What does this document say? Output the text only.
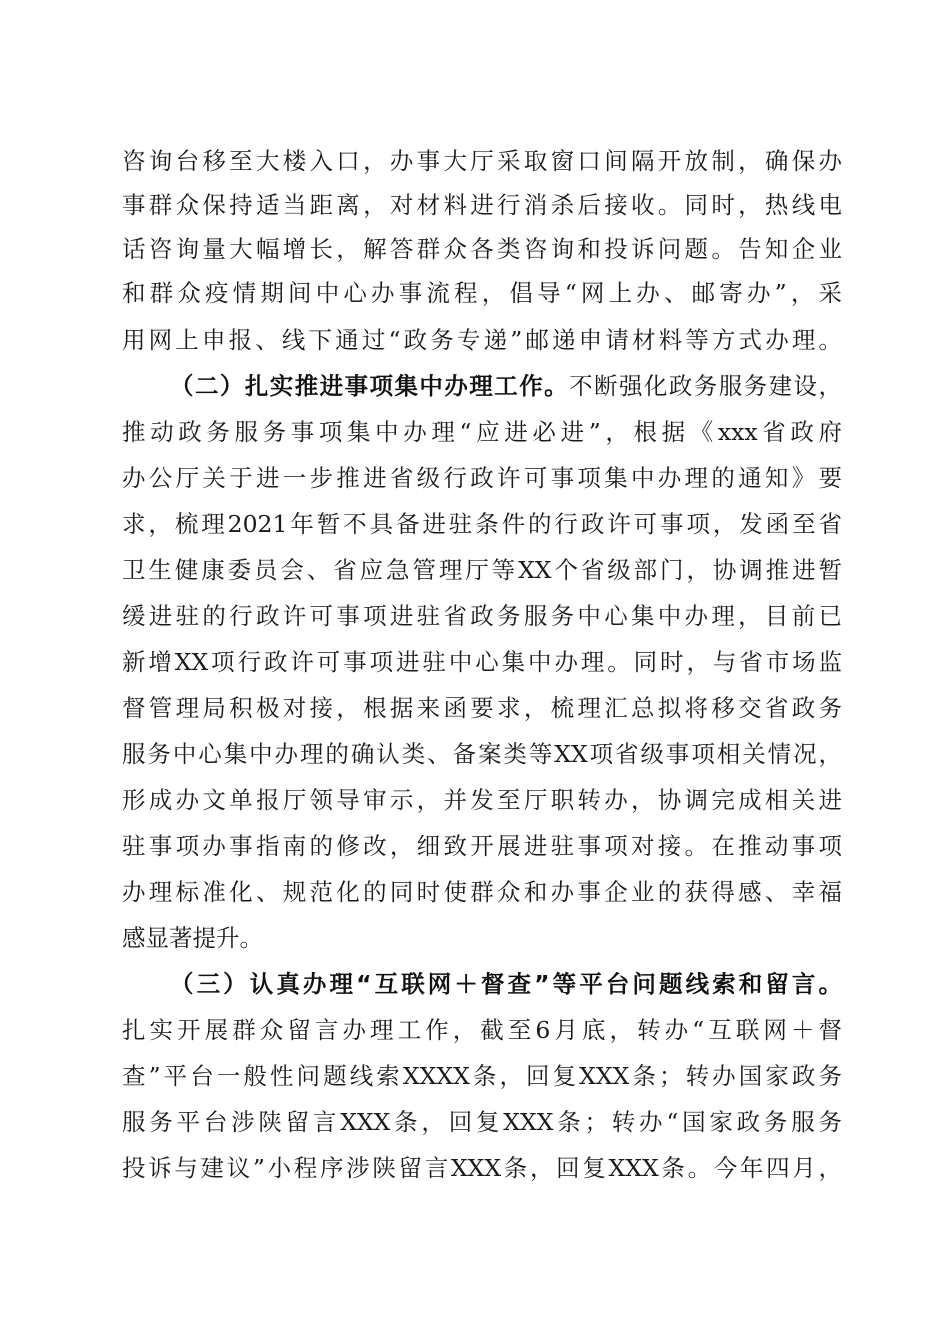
咨询台移至大楼入口，办事大厅采取窗口间隔开放制，确保办
事群众保持适当距离，对材料进行消杀后接收。同时，热线电
话咨询量大幅增长，解答群众各类咨询和投诉问题。告知企业
和群众疫情期间中心办事流程，倡导“网上办、邮寄办”，采
用网上申报、线下通过“政务专递”邮递申请材料等方式办理。
（二）扎实推进事项集中办理工作。不断强化政务服务建设，
推动政务服务事项集中办理“应进必进”，根据《xxx省政府
办公厅关于进一步推进省级行政许可事项集中办理的通知》要
求，梳理2021年暂不具备进驻条件的行政许可事项，发函至省
卫生健康委员会、省应急管理厅等XX个省级部门，协调推进暂
缓进驻的行政许可事项进驻省政务服务中心集中办理，目前已
新增XX项行政许可事项进驻中心集中办理。同时，与省市场监
督管理局积极对接，根据来函要求，梳理汇总拟将移交省政务
服务中心集中办理的确认类、备案类等XX项省级事项相关情况，
形成办文单报厅领导审示，并发至厅职转办，协调完成相关进
驻事项办事指南的修改，细致开展进驻事项对接。在推动事项
办理标准化、规范化的同时使群众和办事企业的获得感、幸福
感显著提升。
（三）认真办理“互联网＋督查”等平台问题线索和留言。
扎实开展群众留言办理工作，截至6月底，转办“互联网＋督
查”平台一般性问题线索XXXX条，回复XXX条；转办国家政务
服务平台涉陕留言XXX条，回复XXX条；转办“国家政务服务
投诉与建议”小程序涉陕留言XXX条，回复XXX条。今年四月，
